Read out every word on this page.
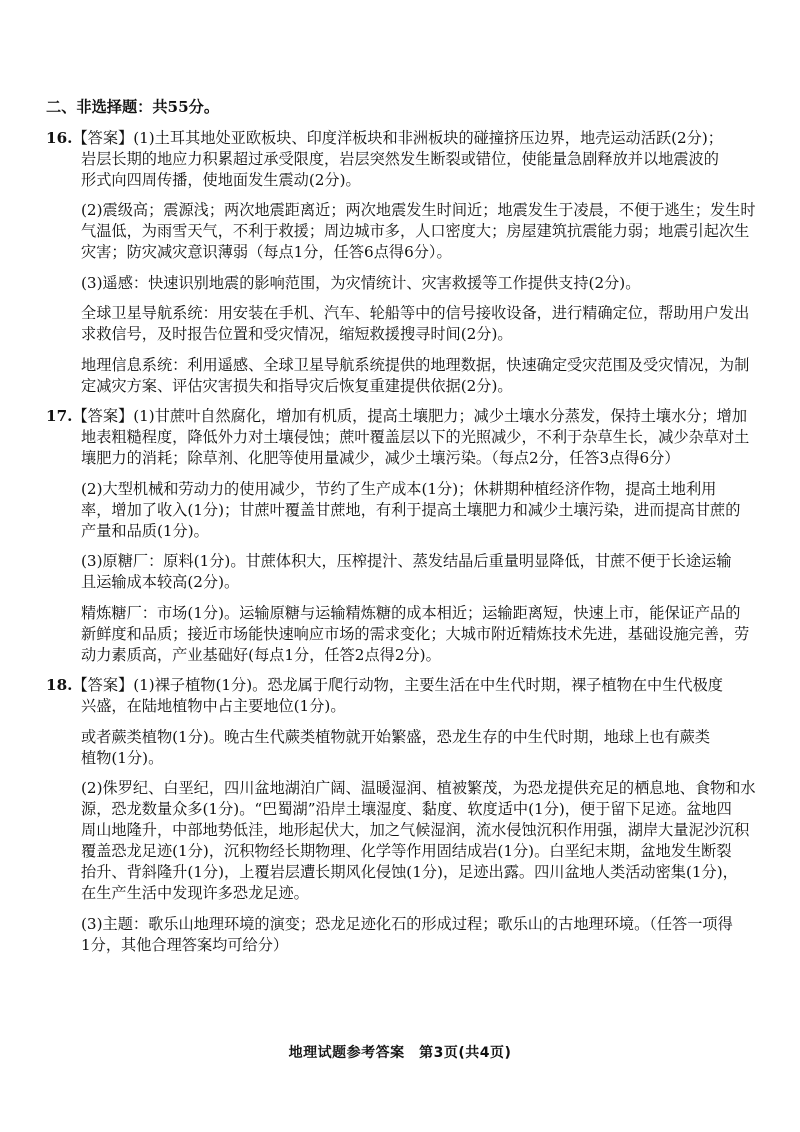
二、非选择题：共55分。
16.【答案】(1)土耳其地处亚欧板块、印度洋板块和非洲板块的碰撞挤压边界，地壳运动活跃(2分)；
岩层长期的地应力积累超过承受限度，岩层突然发生断裂或错位，使能量急剧释放并以地震波的
形式向四周传播，使地面发生震动(2分)。
(2)震级高；震源浅；两次地震距离近；两次地震发生时间近；地震发生于凌晨，不便于逃生；发生时
气温低，为雨雪天气，不利于救援；周边城市多，人口密度大；房屋建筑抗震能力弱；地震引起次生
灾害；防灾减灾意识薄弱（每点1分，任答6点得6分）。
(3)遥感：快速识别地震的影响范围，为灾情统计、灾害救援等工作提供支持(2分)。
全球卫星导航系统：用安装在手机、汽车、轮船等中的信号接收设备，进行精确定位，帮助用户发出
求救信号，及时报告位置和受灾情况，缩短救援搜寻时间(2分)。
地理信息系统：利用遥感、全球卫星导航系统提供的地理数据，快速确定受灾范围及受灾情况，为制
定减灾方案、评估灾害损失和指导灾后恢复重建提供依据(2分)。
17.【答案】(1)甘蔗叶自然腐化，增加有机质，提高土壤肥力；减少土壤水分蒸发，保持土壤水分；增加
地表粗糙程度，降低外力对土壤侵蚀；蔗叶覆盖层以下的光照减少，不利于杂草生长，减少杂草对土
壤肥力的消耗；除草剂、化肥等使用量减少，减少土壤污染。（每点2分，任答3点得6分）
(2)大型机械和劳动力的使用减少，节约了生产成本(1分)；休耕期种植经济作物，提高土地利用
率，增加了收入(1分)；甘蔗叶覆盖甘蔗地，有利于提高土壤肥力和减少土壤污染，进而提高甘蔗的
产量和品质(1分)。
(3)原糖厂：原料(1分)。甘蔗体积大，压榨提汁、蒸发结晶后重量明显降低，甘蔗不便于长途运输
且运输成本较高(2分)。
精炼糖厂：市场(1分)。运输原糖与运输精炼糖的成本相近；运输距离短，快速上市，能保证产品的
新鲜度和品质；接近市场能快速响应市场的需求变化；大城市附近精炼技术先进，基础设施完善，劳
动力素质高，产业基础好(每点1分，任答2点得2分)。
18.【答案】(1)裸子植物(1分)。恐龙属于爬行动物，主要生活在中生代时期，裸子植物在中生代极度
兴盛，在陆地植物中占主要地位(1分)。
或者蕨类植物(1分)。晚古生代蕨类植物就开始繁盛，恐龙生存的中生代时期，地球上也有蕨类
植物(1分)。
(2)侏罗纪、白垩纪，四川盆地湖泊广阔、温暖湿润、植被繁茂，为恐龙提供充足的栖息地、食物和水
源，恐龙数量众多(1分)。“巴蜀湖”沿岸土壤湿度、黏度、软度适中(1分)，便于留下足迹。盆地四
周山地隆升，中部地势低洼，地形起伏大，加之气候湿润，流水侵蚀沉积作用强，湖岸大量泥沙沉积
覆盖恐龙足迹(1分)，沉积物经长期物理、化学等作用固结成岩(1分)。白垩纪末期，盆地发生断裂
抬升、背斜隆升(1分)，上覆岩层遭长期风化侵蚀(1分)，足迹出露。四川盆地人类活动密集(1分)，
在生产生活中发现许多恐龙足迹。
(3)主题：歌乐山地理环境的演变；恐龙足迹化石的形成过程；歌乐山的古地理环境。（任答一项得
1分，其他合理答案均可给分）
地理试题参考答案　第3页(共4页)
